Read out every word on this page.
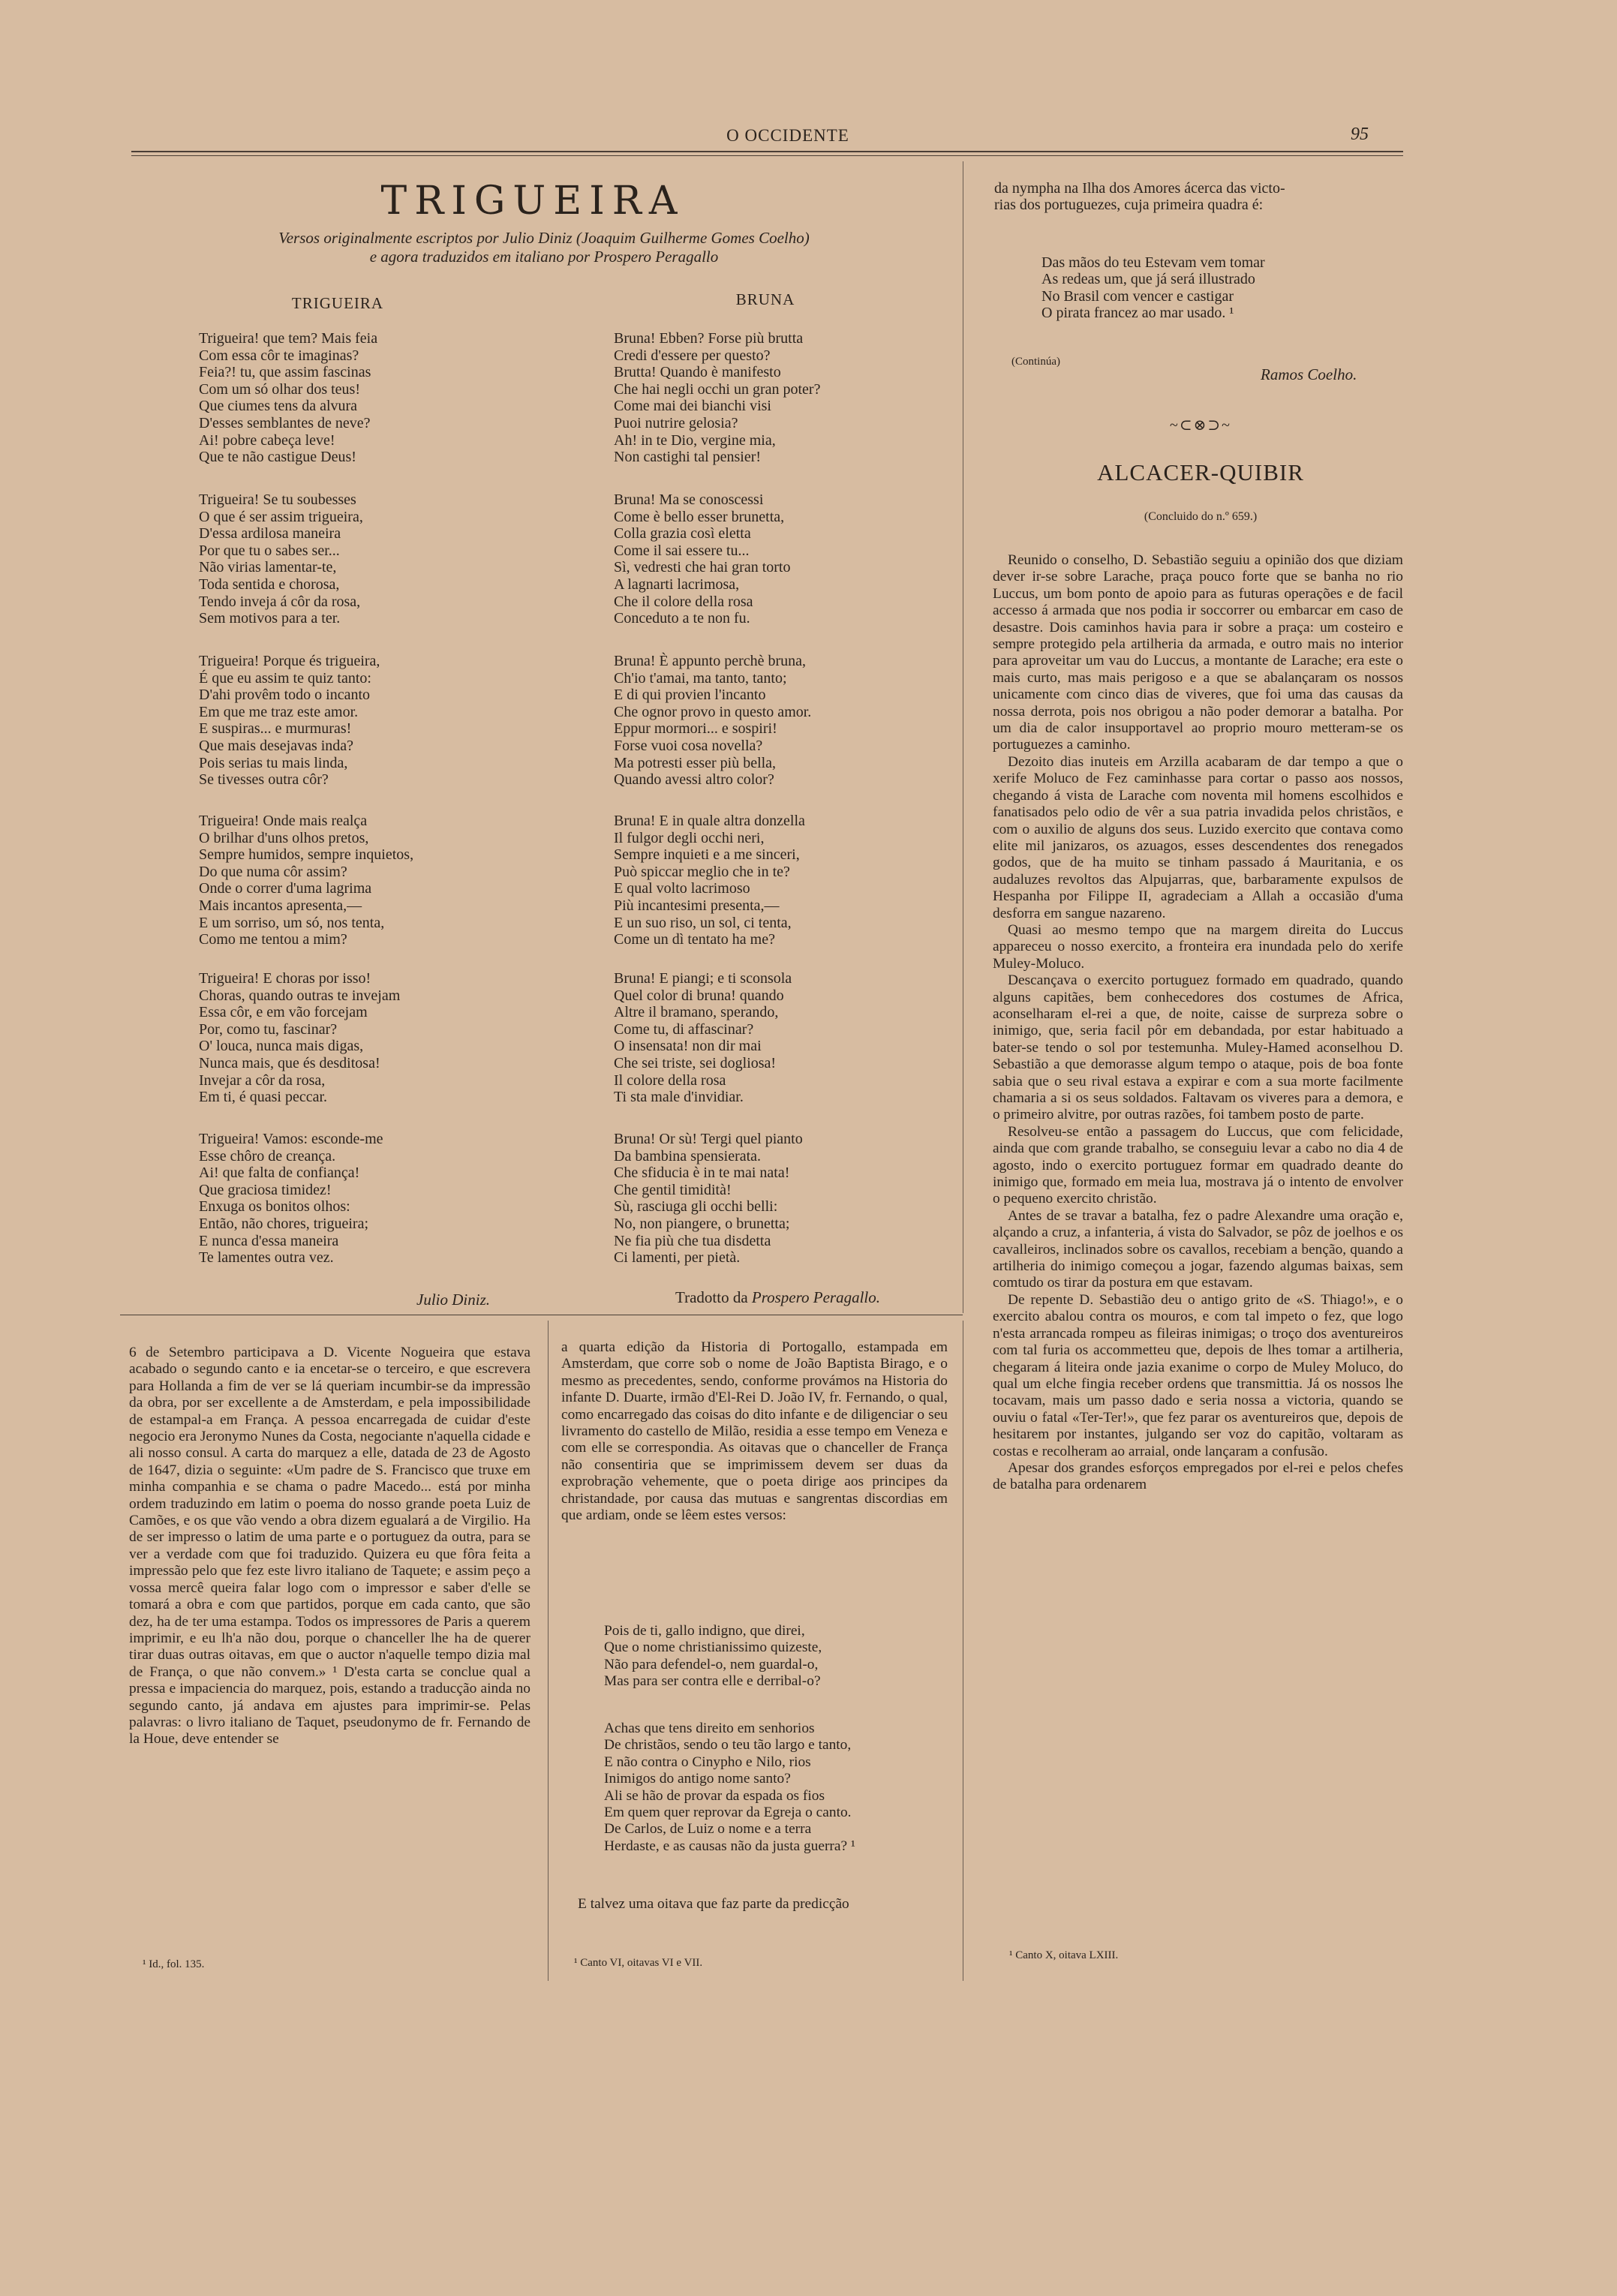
O OCCIDENTE	95
TRIGUEIRA
Versos originalmente escriptos por Julio Diniz (Joaquim Guilherme Gomes Coelho)
e agora traduzidos em italiano por Prospero Peragallo
TRIGUEIRA	BRUNA
Trigueira! que tem? Mais feia
Com essa côr te imaginas?
Feia?! tu, que assim fascinas
Com um só olhar dos teus!
Que ciumes tens da alvura
D'esses semblantes de neve?
Ai! pobre cabeça leve!
Que te não castigue Deus!
Trigueira! Se tu soubesses
O que é ser assim trigueira,
D'essa ardilosa maneira
Por que tu o sabes ser...
Não virias lamentar-te,
Toda sentida e chorosa,
Tendo inveja á côr da rosa,
Sem motivos para a ter.
Trigueira! Porque és trigueira,
É que eu assim te quiz tanto:
D'ahi provêm todo o incanto
Em que me traz este amor.
E suspiras... e murmuras!
Que mais desejavas inda?
Pois serias tu mais linda,
Se tivesses outra côr?
Trigueira! Onde mais realça
O brilhar d'uns olhos pretos,
Sempre humidos, sempre inquietos,
Do que numa côr assim?
Onde o correr d'uma lagrima
Mais incantos apresenta,—
E um sorriso, um só, nos tenta,
Como me tentou a mim?
Trigueira! E choras por isso!
Choras, quando outras te invejam
Essa côr, e em vão forcejam
Por, como tu, fascinar?
O' louca, nunca mais digas,
Nunca mais, que és desditosa!
Invejar a côr da rosa,
Em ti, é quasi peccar.
Trigueira! Vamos: esconde-me
Esse chôro de creança.
Ai! que falta de confiança!
Que graciosa timidez!
Enxuga os bonitos olhos:
Então, não chores, trigueira;
E nunca d'essa maneira
Te lamentes outra vez.
Bruna! Ebben? Forse più brutta
Credi d'essere per questo?
Brutta! Quando è manifesto
Che hai negli occhi un gran poter?
Come mai dei bianchi visi
Puoi nutrire gelosia?
Ah! in te Dio, vergine mia,
Non castighi tal pensier!
Bruna! Ma se conoscessi
Come è bello esser brunetta,
Colla grazia così eletta
Come il sai essere tu...
Sì, vedresti che hai gran torto
A lagnarti lacrimosa,
Che il colore della rosa
Conceduto a te non fu.
Bruna! È appunto perchè bruna,
Ch'io t'amai, ma tanto, tanto;
E di qui provien l'incanto
Che ognor provo in questo amor.
Eppur mormori... e sospiri!
Forse vuoi cosa novella?
Ma potresti esser più bella,
Quando avessi altro color?
Bruna! E in quale altra donzella
Il fulgor degli occhi neri,
Sempre inquieti e a me sinceri,
Può spiccar meglio che in te?
E qual volto lacrimoso
Più incantesimi presenta,—
E un suo riso, un sol, ci tenta,
Come un dì tentato ha me?
Bruna! E piangi; e ti sconsola
Quel color di bruna! quando
Altre il bramano, sperando,
Come tu, di affascinar?
O insensata! non dir mai
Che sei triste, sei dogliosa!
Il colore della rosa
Ti sta male d'invidiar.
Bruna! Or sù! Tergi quel pianto
Da bambina spensierata.
Che sfiducia è in te mai nata!
Che gentil timidità!
Sù, rasciuga gli occhi belli:
No, non piangere, o brunetta;
Ne fia più che tua disdetta
Ci lamenti, per pietà.
Julio Diniz.	Tradotto da Prospero Peragallo.
da nympha na Ilha dos Amores ácerca das victo-
rias dos portuguezes, cuja primeira quadra é:
Das mãos do teu Estevam vem tomar
As redeas um, que já será illustrado
No Brasil com vencer e castigar
O pirata francez ao mar usado. ¹
(Continúa)
Ramos Coelho.
~⊂⊗⊃~
ALCACER-QUIBIR
(Concluido do n.º 659.)

Reunido o conselho, D. Sebastião seguiu a opinião dos que diziam dever ir-se sobre Larache, praça pouco forte que se banha no rio Luccus, um bom ponto de apoio para as futuras operações e de facil accesso á armada que nos podia ir soccorrer ou embarcar em caso de desastre. Dois caminhos havia para ir sobre a praça: um costeiro e sempre protegido pela artilheria da armada, e outro mais no interior para aproveitar um vau do Luccus, a montante de Larache; era este o mais curto, mas mais perigoso e a que se abalançaram os nossos unicamente com cinco dias de viveres, que foi uma das causas da nossa derrota, pois nos obrigou a não poder demorar a batalha. Por um dia de calor insupportavel ao proprio mouro metteram-se os portuguezes a caminho.

Dezoito dias inuteis em Arzilla acabaram de dar tempo a que o xerife Moluco de Fez caminhasse para cortar o passo aos nossos, chegando á vista de Larache com noventa mil homens escolhidos e fanatisados pelo odio de vêr a sua patria invadida pelos christãos, e com o auxilio de alguns dos seus. Luzido exercito que contava como elite mil janizaros, os azuagos, esses descendentes dos renegados godos, que de ha muito se tinham passado á Mauritania, e os audaluzes revoltos das Alpujarras, que, barbaramente expulsos de Hespanha por Filippe II, agradeciam a Allah a occasião d'uma desforra em sangue nazareno.

Quasi ao mesmo tempo que na margem direita do Luccus appareceu o nosso exercito, a fronteira era inundada pelo do xerife Muley-Moluco.

Descançava o exercito portuguez formado em quadrado, quando alguns capitães, bem conhecedores dos costumes de Africa, aconselharam el-rei a que, de noite, caisse de surpreza sobre o inimigo, que, seria facil pôr em debandada, por estar habituado a bater-se tendo o sol por testemunha. Muley-Hamed aconselhou D. Sebastião a que demorasse algum tempo o ataque, pois de boa fonte sabia que o seu rival estava a expirar e com a sua morte facilmente chamaria a si os seus soldados. Faltavam os viveres para a demora, e o primeiro alvitre, por outras razões, foi tambem posto de parte.

Resolveu-se então a passagem do Luccus, que com felicidade, ainda que com grande trabalho, se conseguiu levar a cabo no dia 4 de agosto, indo o exercito portuguez formar em quadrado deante do inimigo que, formado em meia lua, mostrava já o intento de envolver o pequeno exercito christão.

Antes de se travar a batalha, fez o padre Alexandre uma oração e, alçando a cruz, a infanteria, á vista do Salvador, se pôz de joelhos e os cavalleiros, inclinados sobre os cavallos, recebiam a benção, quando a artilheria do inimigo começou a jogar, fazendo algumas baixas, sem comtudo os tirar da postura em que estavam.

De repente D. Sebastião deu o antigo grito de «S. Thiago!», e o exercito abalou contra os mouros, e com tal impeto o fez, que logo n'esta arrancada rompeu as fileiras inimigas; o troço dos aventureiros com tal furia os accommetteu que, depois de lhes tomar a artilheria, chegaram á liteira onde jazia exanime o corpo de Muley Moluco, do qual um elche fingia receber ordens que transmittia. Já os nossos lhe tocavam, mais um passo dado e seria nossa a victoria, quando se ouviu o fatal «Ter-Ter!», que fez parar os aventureiros que, depois de hesitarem por instantes, julgando ser voz do capitão, voltaram as costas e recolheram ao arraial, onde lançaram a confusão.

Apesar dos grandes esforços empregados por el-rei e pelos chefes de batalha para ordenarem

6 de Setembro participava a D. Vicente Nogueira que estava acabado o segundo canto e ia encetar-se o terceiro, e que escrevera para Hollanda a fim de ver se lá queriam incumbir-se da impressão da obra, por ser excellente a de Amsterdam, e pela impossibilidade de estampal-a em França. A pessoa encarregada de cuidar d'este negocio era Jeronymo Nunes da Costa, negociante n'aquella cidade e ali nosso consul. A carta do marquez a elle, datada de 23 de Agosto de 1647, dizia o seguinte: «Um padre de S. Francisco que truxe em minha companhia e se chama o padre Macedo... está por minha ordem traduzindo em latim o poema do nosso grande poeta Luiz de Camões, e os que vão vendo a obra dizem egualará a de Virgilio. Ha de ser impresso o latim de uma parte e o portuguez da outra, para se ver a verdade com que foi traduzido. Quizera eu que fôra feita a impressão pelo que fez este livro italiano de Taquete; e assim peço a vossa mercê queira falar logo com o impressor e saber d'elle se tomará a obra e com que partidos, porque em cada canto, que são dez, ha de ter uma estampa. Todos os impressores de Paris a querem imprimir, e eu lh'a não dou, porque o chanceller lhe ha de querer tirar duas outras oitavas, em que o auctor n'aquelle tempo dizia mal de França, o que não convem.» ¹ D'esta carta se conclue qual a pressa e impaciencia do marquez, pois, estando a traducção ainda no segundo canto, já andava em ajustes para imprimir-se. Pelas palavras: o livro italiano de Taquet, pseudonymo de fr. Fernando de la Houe, deve entender se

¹ Id., fol. 135.

a quarta edição da Historia di Portogallo, estampada em Amsterdam, que corre sob o nome de João Baptista Birago, e o mesmo as precedentes, sendo, conforme provámos na Historia do infante D. Duarte, irmão d'El-Rei D. João IV, fr. Fernando, o qual, como encarregado das coisas do dito infante e de diligenciar o seu livramento do castello de Milão, residia a esse tempo em Veneza e com elle se correspondia. As oitavas que o chanceller de França não consentiria que se imprimissem devem ser duas da exprobração vehemente, que o poeta dirige aos principes da christandade, por causa das mutuas e sangrentas discordias em que ardiam, onde se lêem estes versos:

Pois de ti, gallo indigno, que direi,
Que o nome christianissimo quizeste,
Não para defendel-o, nem guardal-o,
Mas para ser contra elle e derribal-o?
Achas que tens direito em senhorios
De christãos, sendo o teu tão largo e tanto,
E não contra o Cinypho e Nilo, rios
Inimigos do antigo nome santo?
Ali se hão de provar da espada os fios
Em quem quer reprovar da Egreja o canto.
De Carlos, de Luiz o nome e a terra
Herdaste, e as causas não da justa guerra? ¹
E talvez uma oitava que faz parte da predicção
¹ Canto VI, oitavas VI e VII.
¹ Canto X, oitava LXIII.
